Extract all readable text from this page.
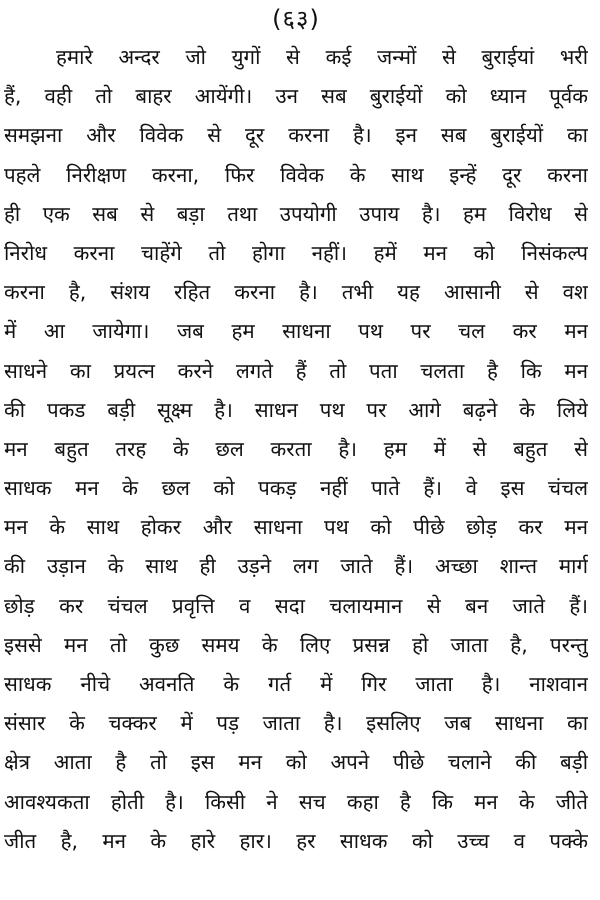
(६३)
हमारे अन्दर जो युगों से कई जन्मों से बुराईयां भरी
हैं, वही तो बाहर आयेंगी। उन सब बुराईयों को ध्यान पूर्वक
समझना और विवेक से दूर करना है। इन सब बुराईयों का
पहले निरीक्षण करना, फिर विवेक के साथ इन्हें दूर करना
ही एक सब से बड़ा तथा उपयोगी उपाय है। हम विरोध से
निरोध करना चाहेंगे तो होगा नहीं। हमें मन को निसंकल्प
करना है, संशय रहित करना है। तभी यह आसानी से वश
में आ जायेगा। जब हम साधना पथ पर चल कर मन
साधने का प्रयत्न करने लगते हैं तो पता चलता है कि मन
की पकड बड़ी सूक्ष्म है। साधन पथ पर आगे बढ़ने के लिये
मन बहुत तरह के छल करता है। हम में से बहुत से
साधक मन के छल को पकड़ नहीं पाते हैं। वे इस चंचल
मन के साथ होकर और साधना पथ को पीछे छोड़ कर मन
की उड़ान के साथ ही उड़ने लग जाते हैं। अच्छा शान्त मार्ग
छोड़ कर चंचल प्रवृत्ति व सदा चलायमान से बन जाते हैं।
इससे मन तो कुछ समय के लिए प्रसन्न हो जाता है, परन्तु
साधक नीचे अवनति के गर्त में गिर जाता है। नाशवान
संसार के चक्कर में पड़ जाता है। इसलिए जब साधना का
क्षेत्र आता है तो इस मन को अपने पीछे चलाने की बड़ी
आवश्यकता होती है। किसी ने सच कहा है कि मन के जीते
जीत है, मन के हारे हार। हर साधक को उच्च व पक्के
